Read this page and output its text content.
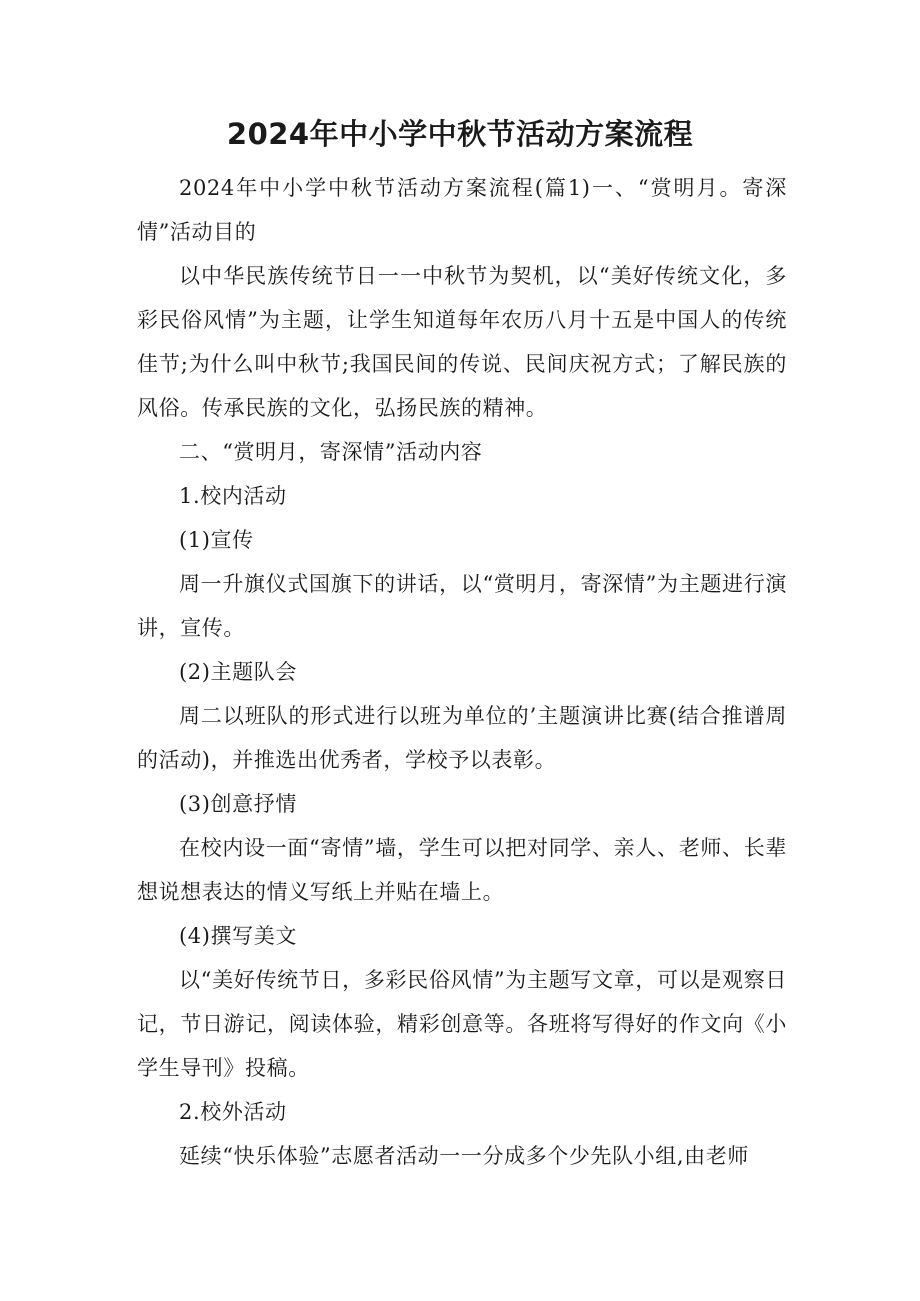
2024年中小学中秋节活动方案流程

2024年中小学中秋节活动方案流程(篇1)一、“赏明月。寄深情”活动目的

以中华民族传统节日一一中秋节为契机，以“美好传统文化，多彩民俗风情”为主题，让学生知道每年农历八月十五是中国人的传统佳节;为什么叫中秋节;我国民间的传说、民间庆祝方式；了解民族的风俗。传承民族的文化，弘扬民族的精神。

二、“赏明月，寄深情”活动内容

1.校内活动

(1)宣传

周一升旗仪式国旗下的讲话，以“赏明月，寄深情”为主题进行演讲，宣传。

(2)主题队会

周二以班队的形式进行以班为单位的’主题演讲比赛(结合推谱周的活动)，并推选出优秀者，学校予以表彰。

(3)创意抒情

在校内设一面“寄情”墙，学生可以把对同学、亲人、老师、长辈想说想表达的情义写纸上并贴在墙上。

(4)撰写美文

以“美好传统节日，多彩民俗风情”为主题写文章，可以是观察日记，节日游记，阅读体验，精彩创意等。各班将写得好的作文向《小学生导刊》投稿。

2.校外活动

延续“快乐体验”志愿者活动一一分成多个少先队小组,由老师
